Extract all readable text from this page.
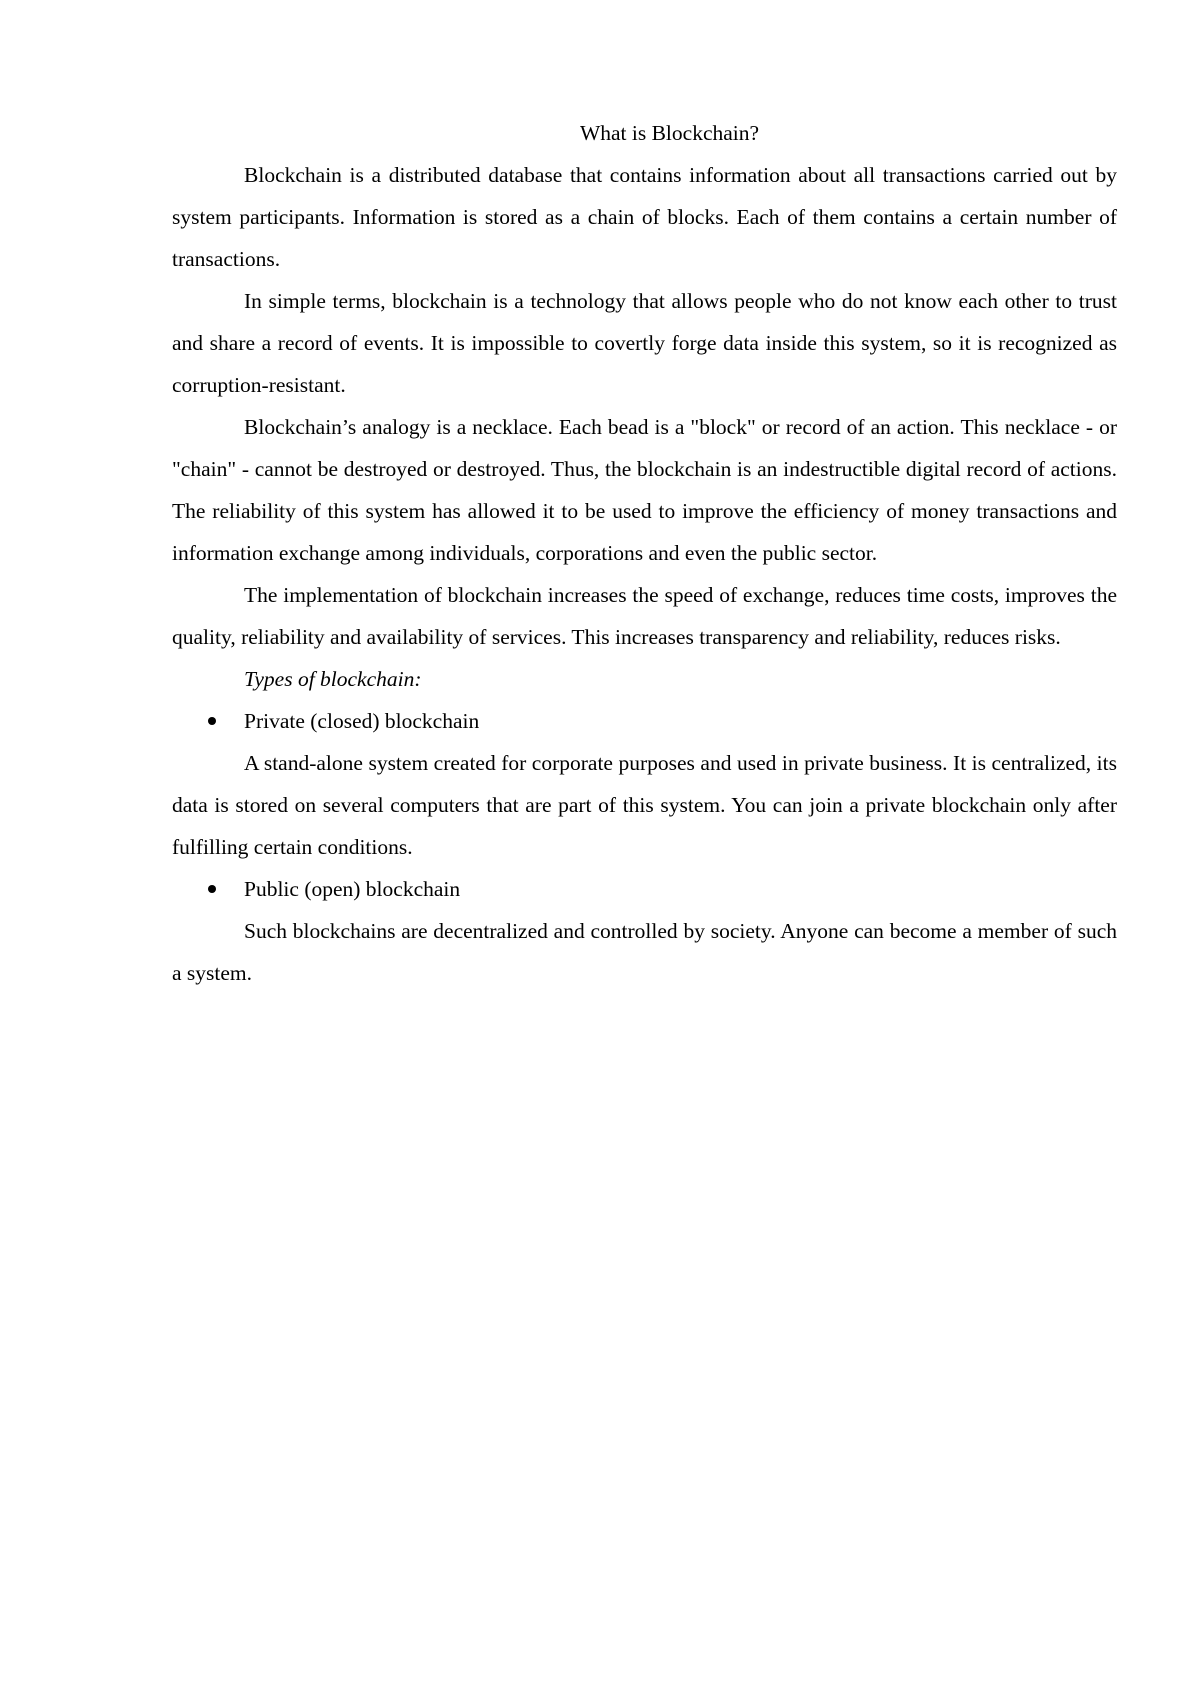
What is Blockchain?

Blockchain is a distributed database that contains information about all transactions carried out by system participants. Information is stored as a chain of blocks. Each of them contains a certain number of transactions.

In simple terms, blockchain is a technology that allows people who do not know each other to trust and share a record of events. It is impossible to covertly forge data inside this system, so it is recognized as corruption-resistant.

Blockchain’s analogy is a necklace. Each bead is a "block" or record of an action. This necklace - or "chain" - cannot be destroyed or destroyed. Thus, the blockchain is an indestructible digital record of actions. The reliability of this system has allowed it to be used to improve the efficiency of money transactions and information exchange among individuals, corporations and even the public sector.

The implementation of blockchain increases the speed of exchange, reduces time costs, improves the quality, reliability and availability of services. This increases transparency and reliability, reduces risks.

Types of blockchain:

Private (closed) blockchain

A stand-alone system created for corporate purposes and used in private business. It is centralized, its data is stored on several computers that are part of this system. You can join a private blockchain only after fulfilling certain conditions.

Public (open) blockchain

Such blockchains are decentralized and controlled by society. Anyone can become a member of such a system.
